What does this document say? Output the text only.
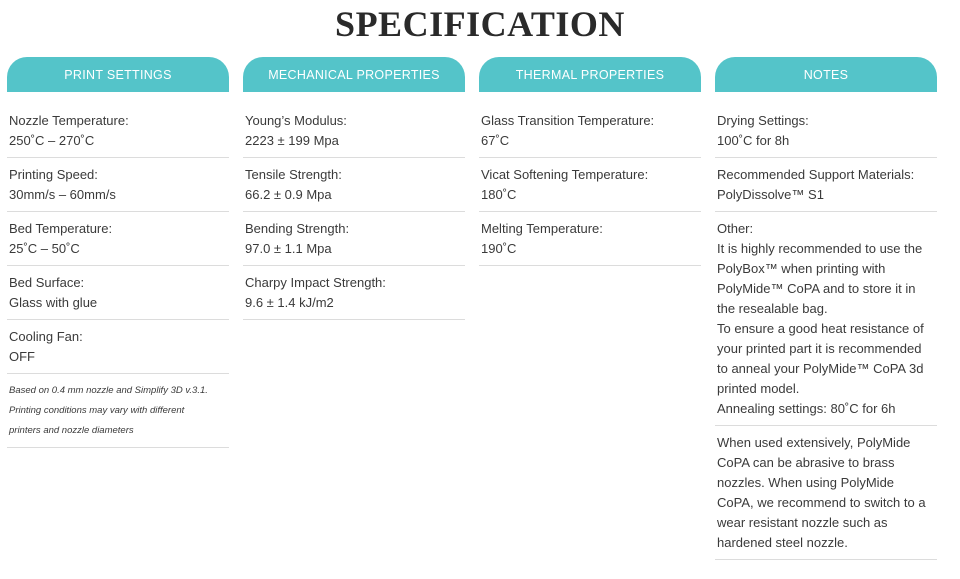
SPECIFICATION
PRINT SETTINGS
Nozzle Temperature:
250˚C – 270˚C
Printing Speed:
30mm/s – 60mm/s
Bed Temperature:
25˚C – 50˚C
Bed Surface:
Glass with glue
Cooling Fan:
OFF
Based on 0.4 mm nozzle and Simplify 3D v.3.1.
Printing conditions may vary with different
printers and nozzle diameters
MECHANICAL PROPERTIES
Young’s Modulus:
2223 ± 199 Mpa
Tensile Strength:
66.2 ± 0.9 Mpa
Bending Strength:
97.0 ± 1.1 Mpa
Charpy Impact Strength:
9.6 ± 1.4 kJ/m2
THERMAL PROPERTIES
Glass Transition Temperature:
67˚C
Vicat Softening Temperature:
180˚C
Melting Temperature:
190˚C
NOTES
Drying Settings:
100˚C for 8h
Recommended Support Materials:
PolyDissolve™ S1
Other:
It is highly recommended to use the
PolyBox™ when printing with
PolyMide™ CoPA and to store it in
the resealable bag.
To ensure a good heat resistance of
your printed part it is recommended
to anneal your PolyMide™ CoPA 3d
printed model.
Annealing settings: 80˚C for 6h
When used extensively, PolyMide
CoPA can be abrasive to brass
nozzles. When using PolyMide
CoPA, we recommend to switch to a
wear resistant nozzle such as
hardened steel nozzle.
